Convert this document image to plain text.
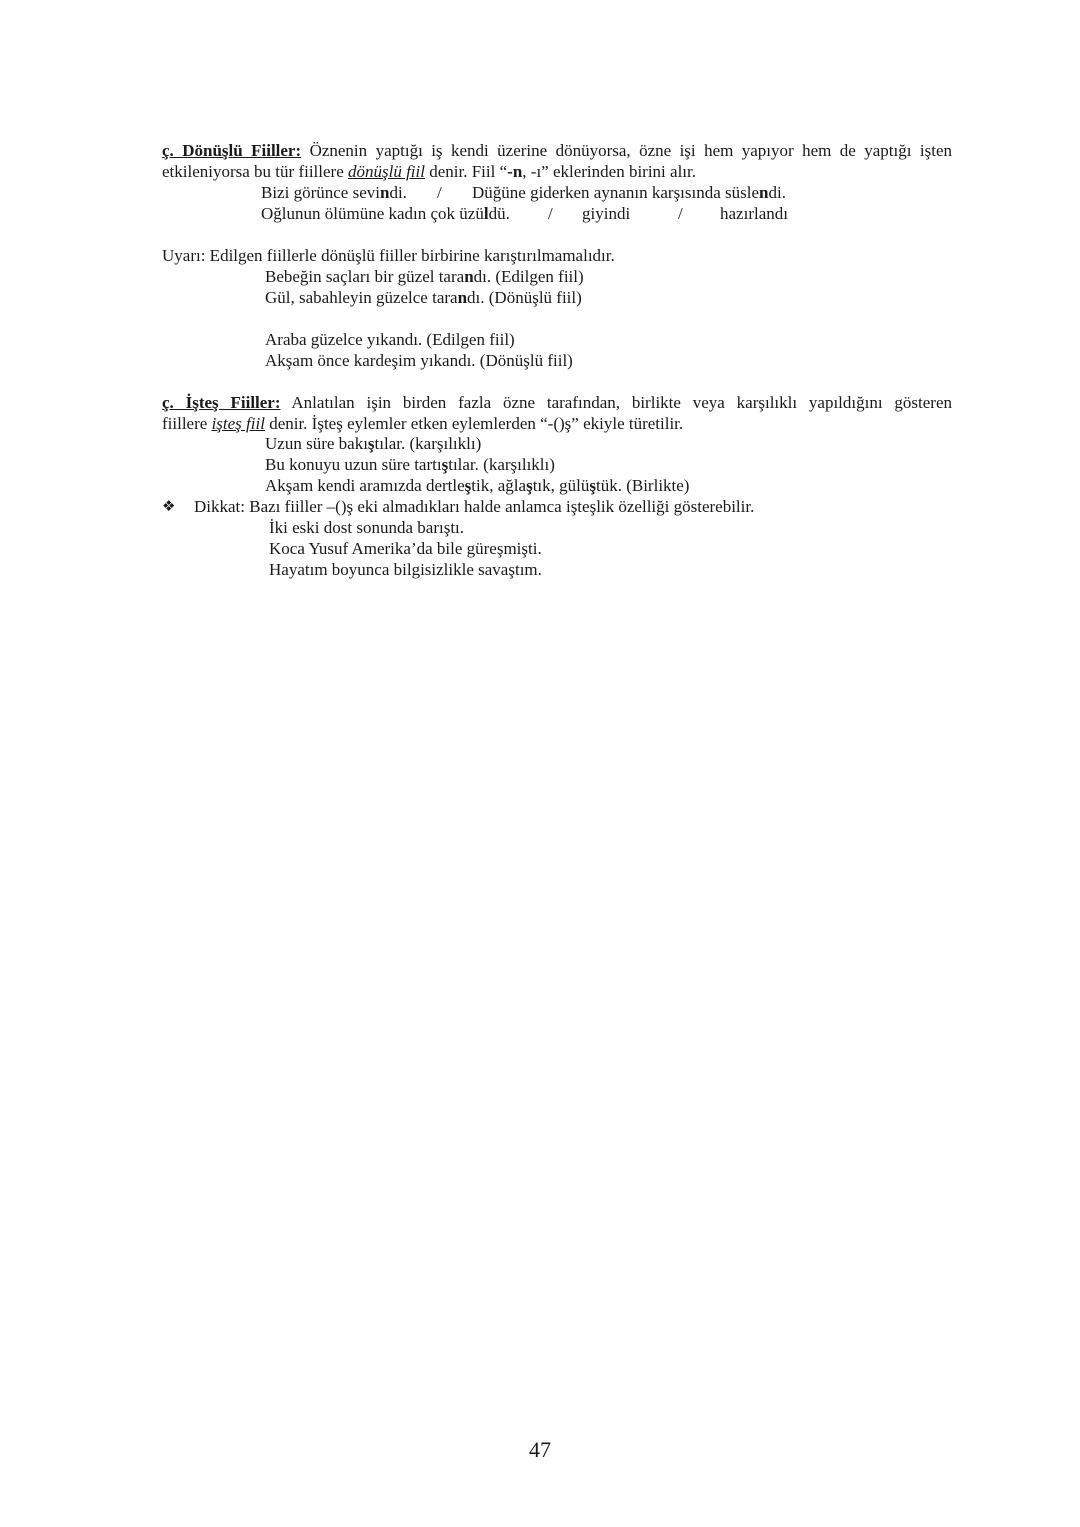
ç. Dönüşlü Fiiller: Öznenin yaptığı iş kendi üzerine dönüyorsa, özne işi hem yapıyor hem de yaptığı işten
etkileniyorsa bu tür fiillere dönüşlü fiil denir. Fiil “-n, -ı” eklerinden birini alır.
Bizi görünce sevindi. / Düğüne giderken aynanın karşısında süslendi.
Oğlunun ölümüne kadın çok üzüldü. / giyindi	/ hazırlandı
Uyarı: Edilgen fiillerle dönüşlü fiiller birbirine karıştırılmamalıdır.
Bebeğin saçları bir güzel tarandı. (Edilgen fiil)
Gül, sabahleyin güzelce tarandı. (Dönüşlü fiil)
Araba güzelce yıkandı. (Edilgen fiil)
Akşam önce kardeşim yıkandı. (Dönüşlü fiil)
ç. İşteş Fiiller: Anlatılan işin birden fazla özne tarafından, birlikte veya karşılıklı yapıldığını gösteren
fiillere işteş fiil denir. İşteş eylemler etken eylemlerden “-()ş” ekiyle türetilir.
Uzun süre bakıştılar. (karşılıklı)
Bu konuyu uzun süre tartıştılar. (karşılıklı)
Akşam kendi aramızda dertleştik, ağlaştık, gülüştük. (Birlikte)
❖ Dikkat: Bazı fiiller –()ş eki almadıkları halde anlamca işteşlik özelliği gösterebilir.
İki eski dost sonunda barıştı.
Koca Yusuf Amerika’da bile güreşmişti.
Hayatım boyunca bilgisizlikle savaştım.
47
